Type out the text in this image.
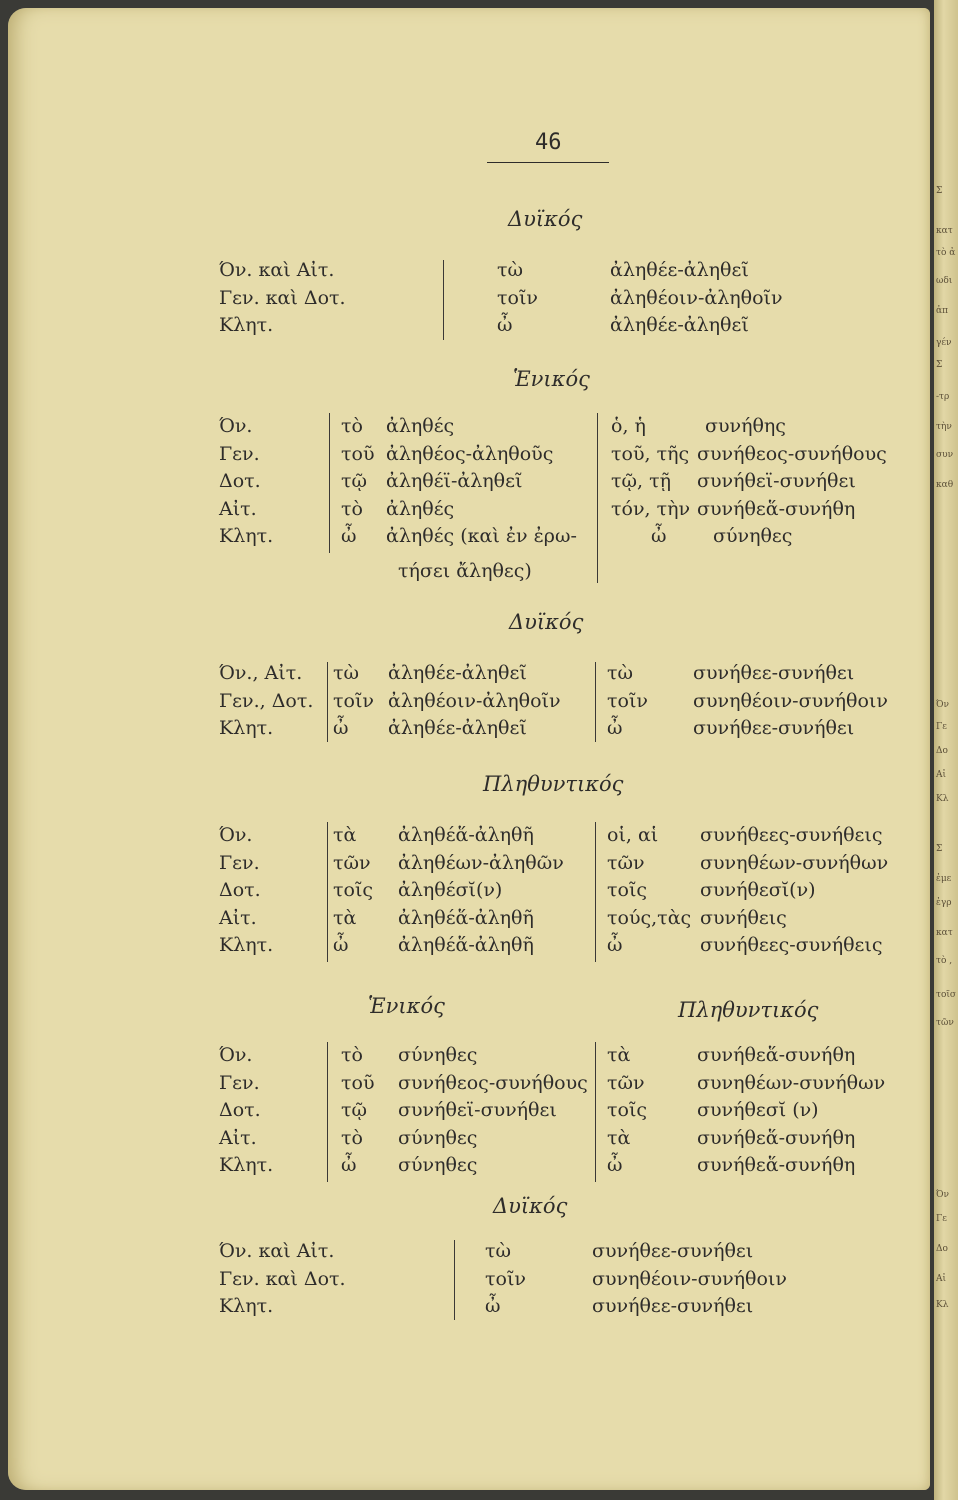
Σ
κατ
τὸ ἀ
ωδι
ἀπ
γέν
Σ
-τρ
τὴν
συν
καθ
Όν
Γε
Δο
Αἰ
Κλ
Σ
ἐμε
ἐγρ
κατ
τὸ ,
τοῖσ
τῶν
Όν
Γε
Δο
Αἰ
Κλ
46
Δυϊκός
Όν. καὶ Αἰτ.
Γεν. καὶ Δοτ.
Κλητ.
τὼ
τοῖν
ὦ
ἀληθέε-ἀληθεῖ
ἀληθέοιν-ἀληθοῖν
ἀληθέε-ἀληθεῖ
Ἑνικός
Όν.
Γεν.
Δοτ.
Αἰτ.
Κλητ.
τὸ
τοῦ
τῷ
τὸ
ὦ
ἀληθές
ἀληθέος-ἀληθοῦς
ἀληθέϊ-ἀληθεῖ
ἀληθές
ἀληθές (καὶ ἐν ἐρω-
τήσει ἄληθες)
ὁ, ἡ
τοῦ, τῆς
τῷ, τῇ
τόν, τὴν
ὦ
συνήθης
συνήθεος-συνήθους
συνήθεϊ-συνήθει
συνήθεἅ-συνήθη
σύνηθες
Δυϊκός
Όν., Αἰτ.
Γεν., Δοτ.
Κλητ.
τὼ
τοῖν
ὦ
ἀληθέε-ἀληθεῖ
ἀληθέοιν-ἀληθοῖν
ἀληθέε-ἀληθεῖ
τὼ
τοῖν
ὦ
συνήθεε-συνήθει
συνηθέοιν-συνήθοιν
συνήθεε-συνήθει
Πληθυντικός
Όν.
Γεν.
Δοτ.
Αἰτ.
Κλητ.
τὰ
τῶν
τοῖς
τὰ
ὦ
ἀληθέἅ-ἀληθῆ
ἀληθέων-ἀληθῶν
ἀληθέσῐ(ν)
ἀληθέἅ-ἀληθῆ
ἀληθέἅ-ἀληθῆ
οἱ, αἱ
τῶν
τοῖς
τούς,τὰς
ὦ
συνήθεες-συνήθεις
συνηθέων-συνήθων
συνήθεσῐ(ν)
συνήθεις
συνήθεες-συνήθεις
Ἑνικός	Πληθυντικός
Όν.
Γεν.
Δοτ.
Αἰτ.
Κλητ.
τὸ
τοῦ
τῷ
τὸ
ὦ
σύνηθες
συνήθεος-συνήθους
συνήθεϊ-συνήθει
σύνηθες
σύνηθες
τὰ
τῶν
τοῖς
τὰ
ὦ
συνήθεἅ-συνήθη
συνηθέων-συνήθων
συνήθεσῐ (ν)
συνήθεἅ-συνήθη
συνήθεἅ-συνήθη
Δυϊκός
Όν. καὶ Αἰτ.
Γεν. καὶ Δοτ.
Κλητ.
τὼ
τοῖν
ὦ
συνήθεε-συνήθει
συνηθέοιν-συνήθοιν
συνήθεε-συνήθει
